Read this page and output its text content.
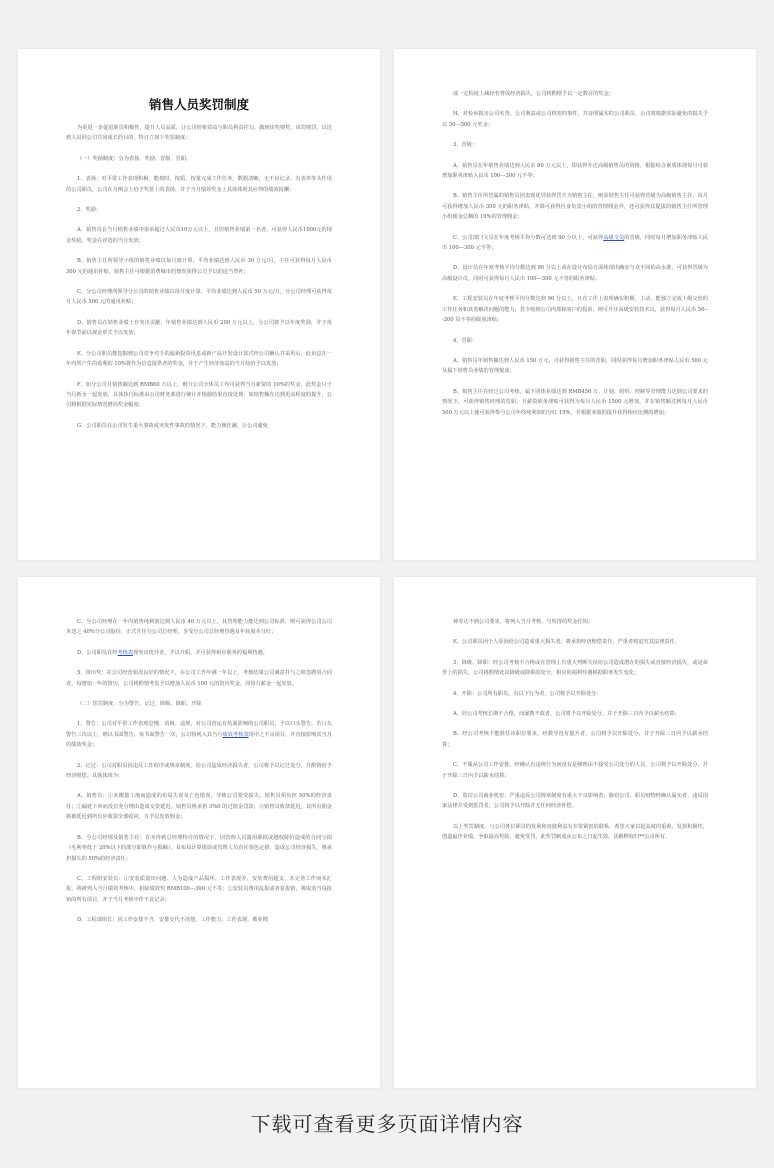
销售人员奖罚制度

为更进一步促进职员积极性，提升人员品质，让公司形象效益与职员利益挂勾，做到该奖则奖，该罚则罚，以达到人员同公司共同成长的目的，特订立如下奖惩制度：

（一）奖励制度：分为表扬、奖励、晋级、晋职。

1、表扬：对平常工作表现积极、能按时、按质、按量完成工作任务，数据清晰，无不良记录，有表率等头作用的公司职员，公司在月例会上给予奖惩上的表扬，并于当月绩效奖金上具体体现其应得的绩效报酬；

2、奖励：

A、销售员在当月销售业绩中第举超过人民币10万元以上，且居销售业绩第一名者，可获得人民币1000元的现金奖励，奖金在评选的当月发放；

B、销售主任所领导小组的销售业绩以每月度计算，平均业绩达到人民币 30 万元/月，主任可获得每月人民币 300 元的通讯补贴，销售主任可根据消费城市的情况获得公司予以的适当贷补；

C、分公司经理所领导分公司的销售业绩以每月度计算，平均业绩达到人民币 50 万元/月，分公司经理可获得每月人民币 500 元的通讯补贴；

D、销售员在销售业绩上有突出贡献，年销售业绩达到人民币 200 万元以上，分公司将予以年度奖励，并于每年春节前以现金形式予以发放；

E、分公司职员能挖掘到公司竞争对手的最新投资讯息或新产品开发设计款式经公司确认并采用后，此讯息在一年内所产生的盈利的 10%将作为信息提供者的奖金，并于产生经济效益的当月底给予以发放；

F、如分公司月销售额达到 RMB60 万以上，则分公司全体员工均可获得当月新资的 10%的奖金，此奖金只于当月新水一起发放，具体执行标准由公司财务部进行统计并根据结果直接处理；如销售额在达到更高程度的提升，公司将根据实际情况增高奖金幅度；

G、公司职员在公司发生重大事故或突发性事故的情况下，能力挽狂澜，让公司避免

或一定程度上减轻名誉或经济损失，公司将酌情予以一定数目的奖金；

H、对检举损害公司名誉、公司利益或公司机密的事件，并证明属实的公司职员，公司将根据实际避免的损失予以 50---500 元奖金；

3、晋级：

A、销售员在年销售业绩达到人民币 80 万元以上，即获得升迁高级销售员的资格，根据综合素质体现每月可获增加职务津贴人民币 100---300 元不等；

B、销售主任所管属的销售员因表现优异获得晋升为销售主任，则原销售主任可获得晋级为高级销售主任，每月可获得增加人民币 300 元的职务津贴，并降可获得自身负责小组的管理佣金外，还可获得其提拔的销售主任所管理小组佣金总额的 10%的管理佣金；

C、公司部门文员在年度考核平均分数可达到 90 分以上，可获得高级文员的晋级，同时每月增加职务津贴人民币 100---300 元不等；

D、设计员在年度考核平均分数达到 90 分以上或在设计布局方面体现出确实与众不同的高水准，可获得晋级为高级设计员，同时可获得每月人民币 100---300 元不等的职务津贴；

E、工程安装员在年度考核平均分数达到 90 分以上，且在工作上表现确实积极、主动、能独立完成上级交给的工作任务和其善解决问题的能力，甚少收到公司内部和客户的投诉，则可升任高级安装技术员，获得每月人民币 50---200 员不等的级别津贴；

4、晋职：

A、销售员年销售额达到人民币 150 万元，可获得销售主任的晋职，同时获得每月增加职务津贴人民币 500 元及属下销售员业绩的管理提成；

B、销售主任在经过公司考核，属下团体业绩达到 RMB450 万，计划、组织、控制等管理能力达到公司要求的情况下，可获得销售经理的晋职，且薪资职务津贴可获得为每月人民币 1500 元增加，并在销售额达到每月人民币 500 万元以上使可获得参与公司年终纯利润的分红 15%，并根据业绩的提升获得相应比例的增加；

C、分公司经理在一年内销售纯利润达到人民币 40 万元以上，其管理能力能达到公司标准，则可获得公司公司本送之 40%分公司股份，正式升任分公司总经理，享受分公司总经理待遇及年底股本分红；

D、公司职员在经考核表现突出优异者，予以升职，并可获得相应职务的福利待遇。

5、资历奖：在公司经营状况良好的情况下，在公司工作年满一年以上，考核结果公司满意并与之续签聘用合同者，每增加一年的资历，公司将酌情考虑予以增加人民币 100 元的资历奖金，同每月薪金一起发放。

（二）惩罚制度：分为警告、记过、降级、降职、开除

1、警告：公司对平常工作表现怠慢、消极、违规，对公司营运有负面影响的公司职员，予以口头警告，若口头警告三次以上，则以书面警告，每书面警告一次，公司将列入其当月绩效考核表现中之不良项目，并直接影响其当月的绩效奖金；

2、记过：公司对职员因违反工作程序或规章制度，给公司造成经济损失者，公司将予以记过处分，并酌情给予经济赔偿。具体体现为：

A、销售员：①未搬量工地而造成的布局失误及亡色错误，导致公司蒙受损失，销售员须负担 50%的经济责任；②漏延下单而没有充分理由造成交货延迟，销售员将承担 3%0 的过销金罚款；③销售员收款延迟，其所有佣金将被延迟到所有应收款全部收回，方予以发放佣金；

B、分公司经理及销售主任：在未得到总经理特许的情况下，因管理人员滥用职权或越权降价造成的合同亏损（毛利率低于 20%以下的部分即算作亏损额），及布局计算错误或管理人员直任领色定错，造成公司经济损失，将承担损失的 50%的经济责任；

C、工程组安装员：①安装质量出问题、人为造成产品损坏、工作表现差、安装费用超支、未完善工作而未汇报，将被列入当月绩效考核中，扣除绩效奖 RMB100---300 元不等；②安装员费用乱报或者复报销，将取消当役报销的所有项目，并于当月考核中作不良记录；

D、工程部组长：因工作安排不当、安排交代不清楚、工作能力、工作表现、敬业精

神等达不到公司要求，将列入当月考核，与所得的奖金挂钩；

E、公司职员因个人原因给公司造成重大损失者，将承担经济赔偿责任，严重者将追究其法律责任。

3、降级、降职：经公司考核不合格或在管理上有重大判断失误给公司造成潜在的损失或直接经济损失，或是荣誉上的损失，公司将酌情处以降级或降职的处分，相应的福利待遇根据职务发生变化；

4、开除：公司所有职员，有以下行为者，公司将予以开除处分：

A、经公司考核长期不合格，而屡教不改者，公司将予以开除处分，并于开除三日内予以薪水结算；

B、经公司考核不能胜任该职位要求，经教导没有提升者，公司将予以开除处分，并于开除三日内予以薪水结算；

C、不服从公司工作安排，经确认有违规行为而没有是够理由不接受公司处分的人员，公司将予以开除处分，并于开除三日内予以薪水结算；

D、盗窃公司商业机密、严重违反公司规章制度有重大不良影响者，偷窃公司、职员财物经确认属实者、违反国家法律并受到惩罚者，公司将予以开除并无任何经济补偿。

以上奖罚制度，与公司各位职员的发展和直接利益有非常紧密的联系，希望大家以起高度的重视，发挥积极性，创造最佳业绩，争取最高奖励，避免受罚，此奖罚制度从公布之日起生效，其解释权归**公司所有。

下载可查看更多页面详情内容
